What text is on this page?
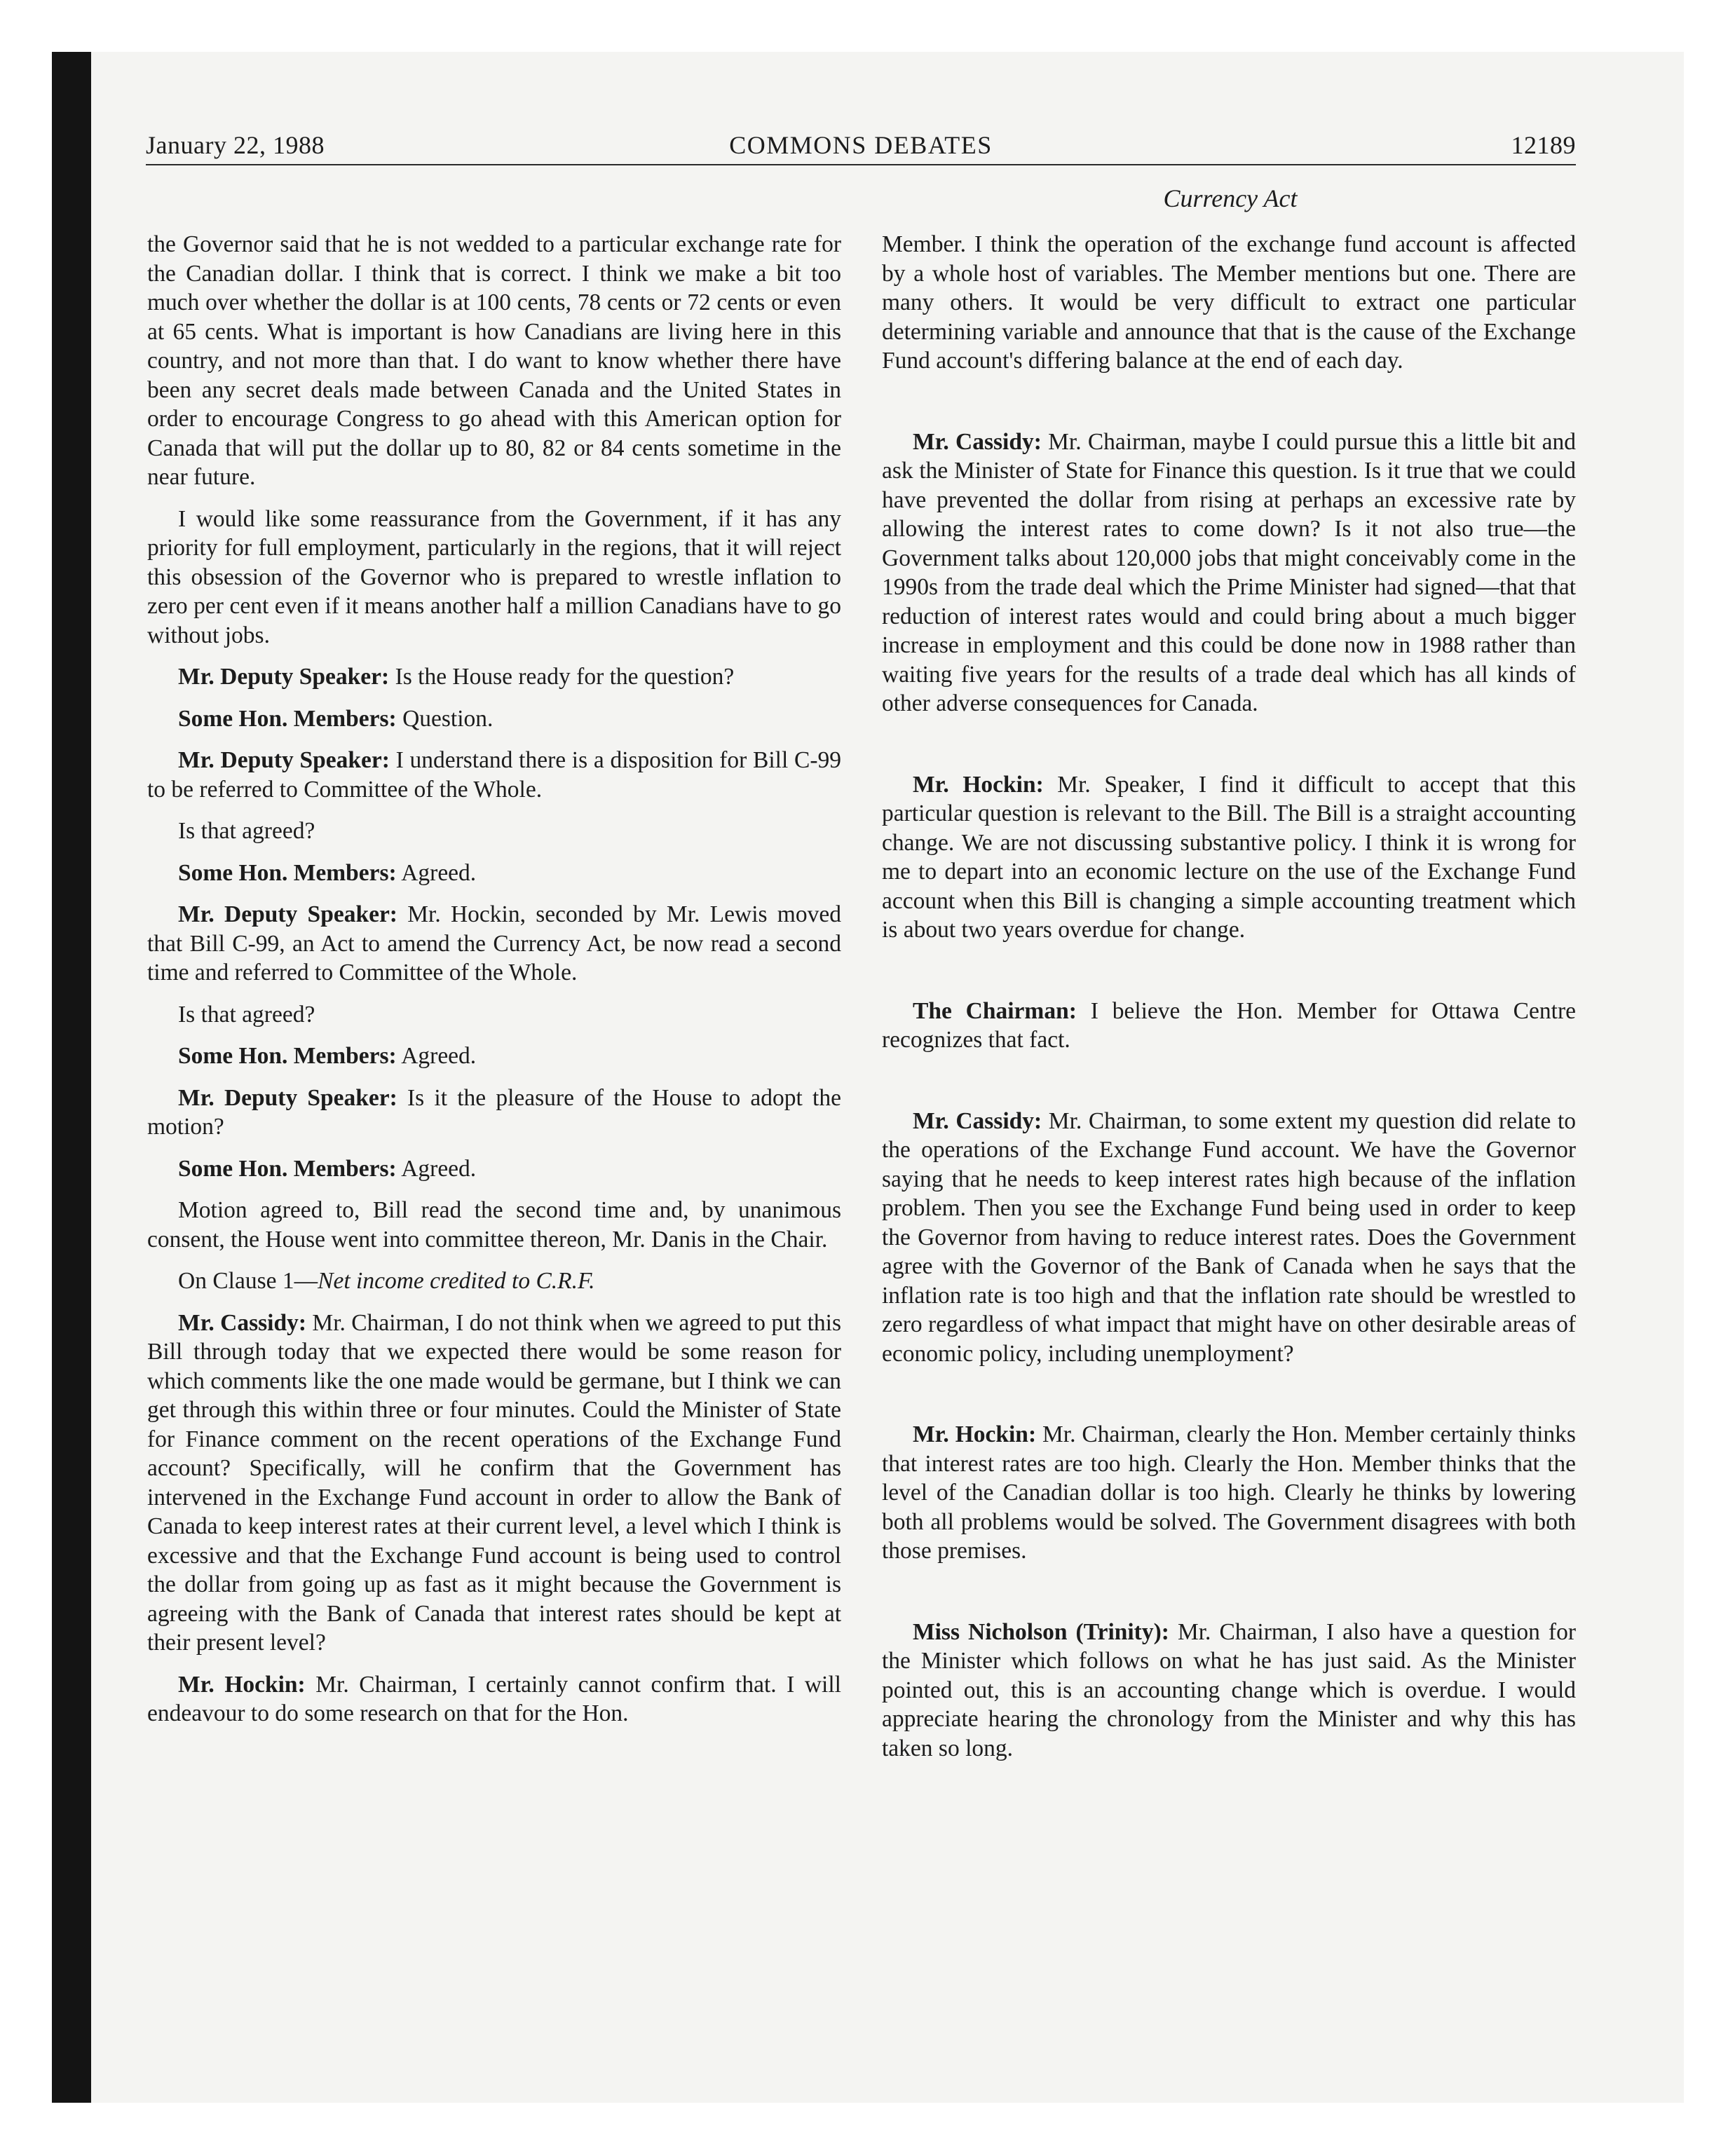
January 22, 1988	COMMONS DEBATES	12189
Currency Act

the Governor said that he is not wedded to a particular exchange rate for the Canadian dollar. I think that is correct. I think we make a bit too much over whether the dollar is at 100 cents, 78 cents or 72 cents or even at 65 cents. What is important is how Canadians are living here in this country, and not more than that. I do want to know whether there have been any secret deals made between Canada and the United States in order to encourage Congress to go ahead with this American option for Canada that will put the dollar up to 80, 82 or 84 cents sometime in the near future.

I would like some reassurance from the Government, if it has any priority for full employment, particularly in the regions, that it will reject this obsession of the Governor who is prepared to wrestle inflation to zero per cent even if it means another half a million Canadians have to go without jobs.

Mr. Deputy Speaker: Is the House ready for the question?

Some Hon. Members: Question.

Mr. Deputy Speaker: I understand there is a disposition for Bill C-99 to be referred to Committee of the Whole.

Is that agreed?

Some Hon. Members: Agreed.

Mr. Deputy Speaker: Mr. Hockin, seconded by Mr. Lewis moved that Bill C-99, an Act to amend the Currency Act, be now read a second time and referred to Committee of the Whole.

Is that agreed?

Some Hon. Members: Agreed.

Mr. Deputy Speaker: Is it the pleasure of the House to adopt the motion?

Some Hon. Members: Agreed.

Motion agreed to, Bill read the second time and, by unanimous consent, the House went into committee thereon, Mr. Danis in the Chair.

On Clause 1—Net income credited to C.R.F.

Mr. Cassidy: Mr. Chairman, I do not think when we agreed to put this Bill through today that we expected there would be some reason for which comments like the one made would be germane, but I think we can get through this within three or four minutes. Could the Minister of State for Finance comment on the recent operations of the Exchange Fund account? Specifically, will he confirm that the Government has intervened in the Exchange Fund account in order to allow the Bank of Canada to keep interest rates at their current level, a level which I think is excessive and that the Exchange Fund account is being used to control the dollar from going up as fast as it might because the Government is agreeing with the Bank of Canada that interest rates should be kept at their present level?

Mr. Hockin: Mr. Chairman, I certainly cannot confirm that. I will endeavour to do some research on that for the Hon.

Member. I think the operation of the exchange fund account is affected by a whole host of variables. The Member mentions but one. There are many others. It would be very difficult to extract one particular determining variable and announce that that is the cause of the Exchange Fund account's differing balance at the end of each day.

Mr. Cassidy: Mr. Chairman, maybe I could pursue this a little bit and ask the Minister of State for Finance this question. Is it true that we could have prevented the dollar from rising at perhaps an excessive rate by allowing the interest rates to come down? Is it not also true—the Government talks about 120,000 jobs that might conceivably come in the 1990s from the trade deal which the Prime Minister had signed—that that reduction of interest rates would and could bring about a much bigger increase in employment and this could be done now in 1988 rather than waiting five years for the results of a trade deal which has all kinds of other adverse consequences for Canada.

Mr. Hockin: Mr. Speaker, I find it difficult to accept that this particular question is relevant to the Bill. The Bill is a straight accounting change. We are not discussing substantive policy. I think it is wrong for me to depart into an economic lecture on the use of the Exchange Fund account when this Bill is changing a simple accounting treatment which is about two years overdue for change.

The Chairman: I believe the Hon. Member for Ottawa Centre recognizes that fact.

Mr. Cassidy: Mr. Chairman, to some extent my question did relate to the operations of the Exchange Fund account. We have the Governor saying that he needs to keep interest rates high because of the inflation problem. Then you see the Exchange Fund being used in order to keep the Governor from having to reduce interest rates. Does the Government agree with the Governor of the Bank of Canada when he says that the inflation rate is too high and that the inflation rate should be wrestled to zero regardless of what impact that might have on other desirable areas of economic policy, including unemployment?

Mr. Hockin: Mr. Chairman, clearly the Hon. Member certainly thinks that interest rates are too high. Clearly the Hon. Member thinks that the level of the Canadian dollar is too high. Clearly he thinks by lowering both all problems would be solved. The Government disagrees with both those premises.

Miss Nicholson (Trinity): Mr. Chairman, I also have a question for the Minister which follows on what he has just said. As the Minister pointed out, this is an accounting change which is overdue. I would appreciate hearing the chronology from the Minister and why this has taken so long.
